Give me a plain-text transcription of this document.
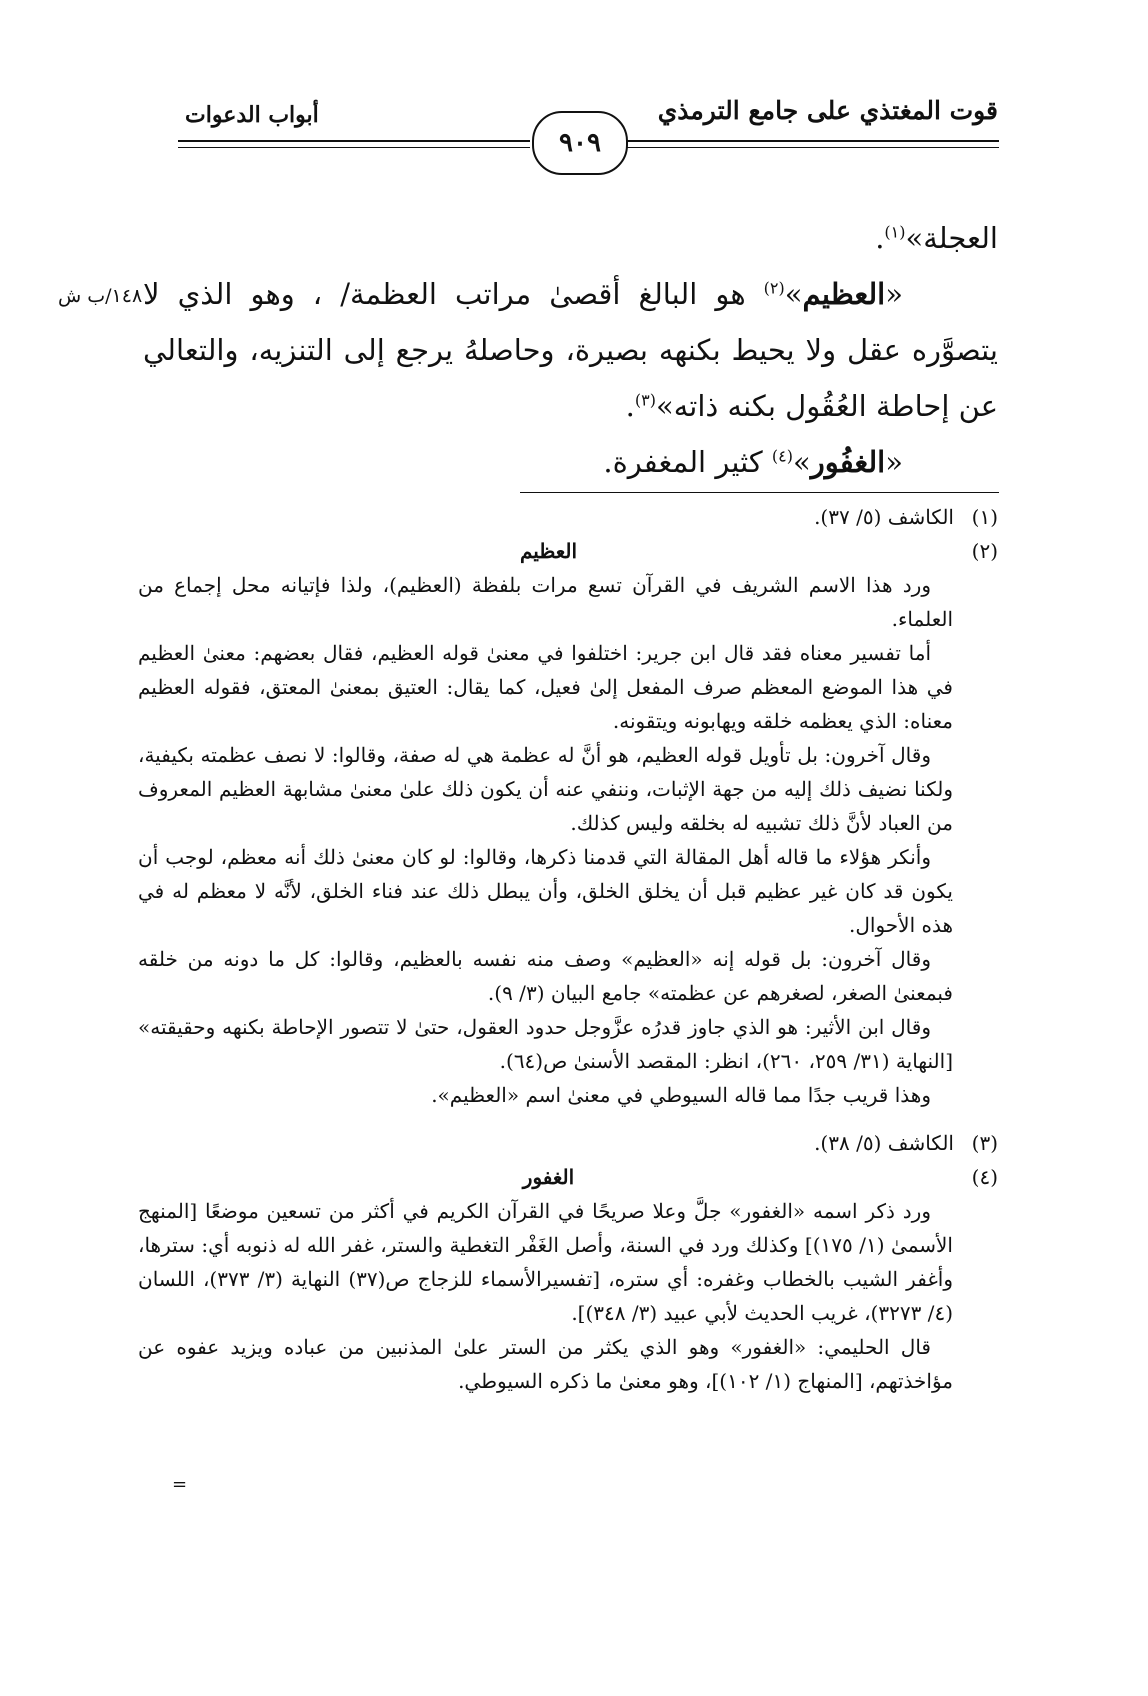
قوت المغتذي على جامع الترمذي
أبواب الدعوات
٩٠٩
١٤٨/ب ش

العجلة»$^{(١)}$.

«العظيم»$^{(٢)}$ هو البالغ أقصىٰ مراتب العظمة/ ، وهو الذي لا يتصوَّره عقل ولا يحيط بكنهه بصيرة، وحاصلهُ يرجع إلى التنزيه، والتعالي عن إحاطة العُقُول بكنه ذاته»$^{(٣)}$.

«الغفُور»$^{(٤)}$ كثير المغفرة.

(١)

الكاشف (٥/ ٣٧).

(٢)

العظيم

ورد هذا الاسم الشريف في القرآن تسع مرات بلفظة (العظيم)، ولذا فإتيانه محل إجماع من العلماء.

أما تفسير معناه فقد قال ابن جرير: اختلفوا في معنىٰ قوله العظيم، فقال بعضهم: معنىٰ العظيم في هذا الموضع المعظم صرف المفعل إلىٰ فعيل، كما يقال: العتيق بمعنىٰ المعتق، فقوله العظيم معناه: الذي يعظمه خلقه ويهابونه ويتقونه.

وقال آخرون: بل تأويل قوله العظيم، هو أنَّ له عظمة هي له صفة، وقالوا: لا نصف عظمته بكيفية، ولكنا نضيف ذلك إليه من جهة الإثبات، وننفي عنه أن يكون ذلك علىٰ معنىٰ مشابهة العظيم المعروف من العباد لأنَّ ذلك تشبيه له بخلقه وليس كذلك.

وأنكر هؤلاء ما قاله أهل المقالة التي قدمنا ذكرها، وقالوا: لو كان معنىٰ ذلك أنه معظم، لوجب أن يكون قد كان غير عظيم قبل أن يخلق الخلق، وأن يبطل ذلك عند فناء الخلق، لأنَّه لا معظم له في هذه الأحوال.

وقال آخرون: بل قوله إنه «العظيم» وصف منه نفسه بالعظيم، وقالوا: كل ما دونه من خلقه فبمعنىٰ الصغر، لصغرهم عن عظمته» جامع البيان (٣/ ٩).

وقال ابن الأثير: هو الذي جاوز قدرُه عزَّوجل حدود العقول، حتىٰ لا تتصور الإحاطة بكنهه وحقيقته» [النهاية (٣١/ ٢٥٩، ٢٦٠)، انظر: المقصد الأسنىٰ ص(٦٤).

وهذا قريب جدًا مما قاله السيوطي في معنىٰ اسم «العظيم».

(٣)

الكاشف (٥/ ٣٨).

(٤)

الغفور

ورد ذكر اسمه «الغفور» جلَّ وعلا صريحًا في القرآن الكريم في أكثر من تسعين موضعًا [المنهج الأسمىٰ (١/ ١٧٥)] وكذلك ورد في السنة، وأصل الغَفْر التغطية والستر، غفر الله له ذنوبه أي: سترها، وأغفر الشيب بالخطاب وغفره: أي ستره، [تفسيرالأسماء للزجاج ص(٣٧) النهاية (٣/ ٣٧٣)، اللسان (٤/ ٣٢٧٣)، غريب الحديث لأبي عبيد (٣/ ٣٤٨)].

قال الحليمي: «الغفور» وهو الذي يكثر من الستر علىٰ المذنبين من عباده ويزيد عفوه عن مؤاخذتهم، [المنهاج (١/ ١٠٢)]، وهو معنىٰ ما ذكره السيوطي.

=
